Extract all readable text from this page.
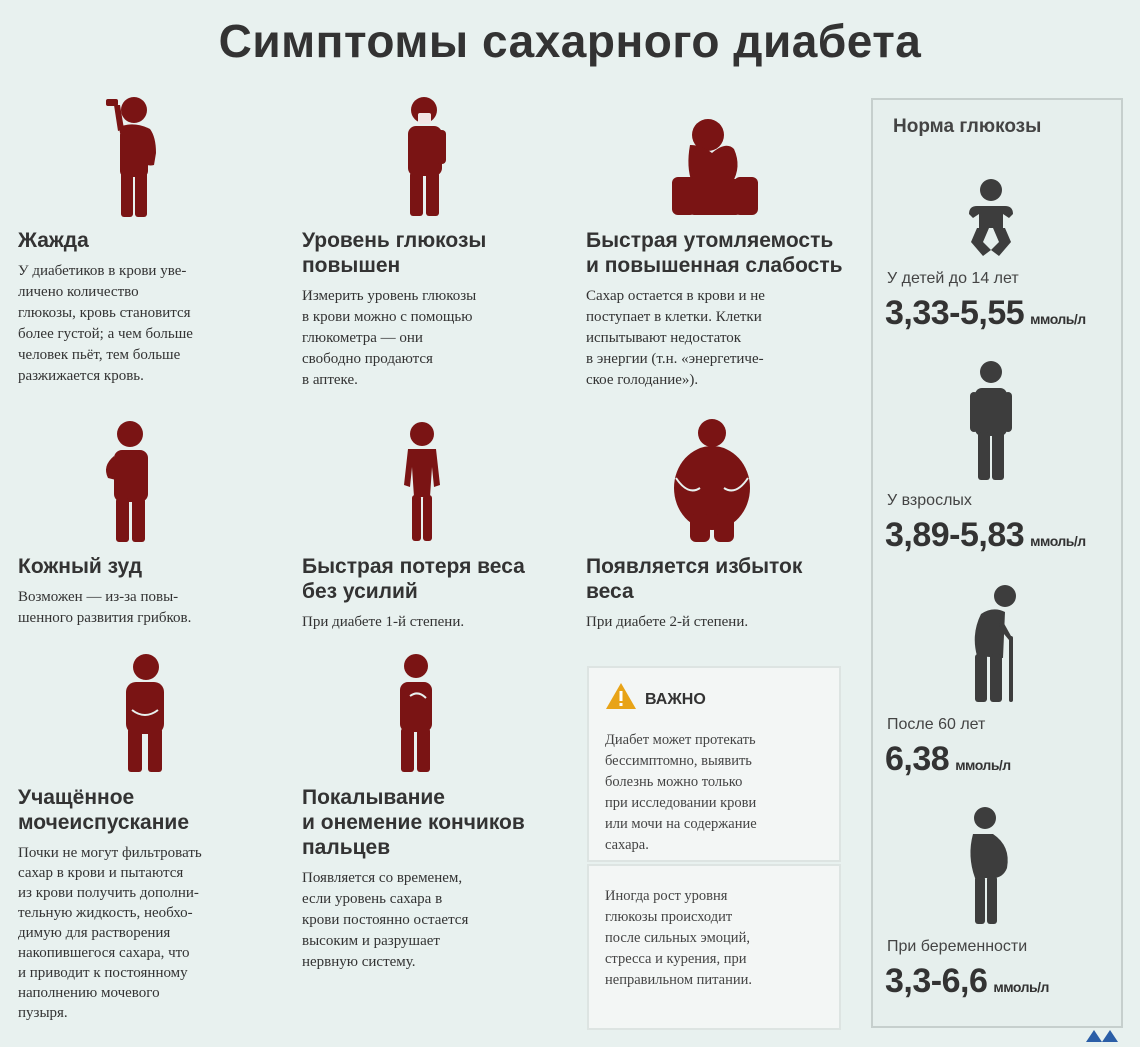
Симптомы сахарного диабета
Жажда
У диабетиков в крови уве-
личено количество
глюкозы, кровь становится
более густой; а чем больше
человек пьёт, тем больше
разжижается кровь.
Уровень глюкозы
повышен
Измерить уровень глюкозы
в крови можно с помощью
глюкометра — они
свободно продаются
в аптеке.
Быстрая утомляемость
и повышенная слабость
Сахар остается в крови и не
поступает в клетки. Клетки
испытывают недостаток
в энергии (т.н. «энергетиче-
ское голодание»).
Кожный зуд
Возможен — из-за повы-
шенного развития грибков.
Быстрая потеря веса
без усилий
При диабете 1-й степени.
Появляется избыток
веса
При диабете 2-й степени.
Учащённое
мочеиспускание
Почки не могут фильтровать
сахар в крови и пытаются
из крови получить дополни-
тельную жидкость, необхо-
димую для растворения
накопившегося сахара, что
и приводит к постоянному
наполнению мочевого
пузыря.
Покалывание
и онемение кончиков
пальцев
Появляется со временем,
если уровень сахара в
крови постоянно остается
высоким и разрушает
нервную систему.
ВАЖНО
Диабет может протекать
бессимптомно, выявить
болезнь можно только
при исследовании крови
или мочи на содержание
сахара.
Иногда рост уровня
глюкозы происходит
после сильных эмоций,
стресса и курения, при
неправильном питании.
Норма глюкозы
У детей до 14 лет
3,33-5,55 ммоль/л
У взрослых
3,89-5,83 ммоль/л
После 60 лет
6,38 ммоль/л
При беременности
3,3-6,6 ммоль/л
